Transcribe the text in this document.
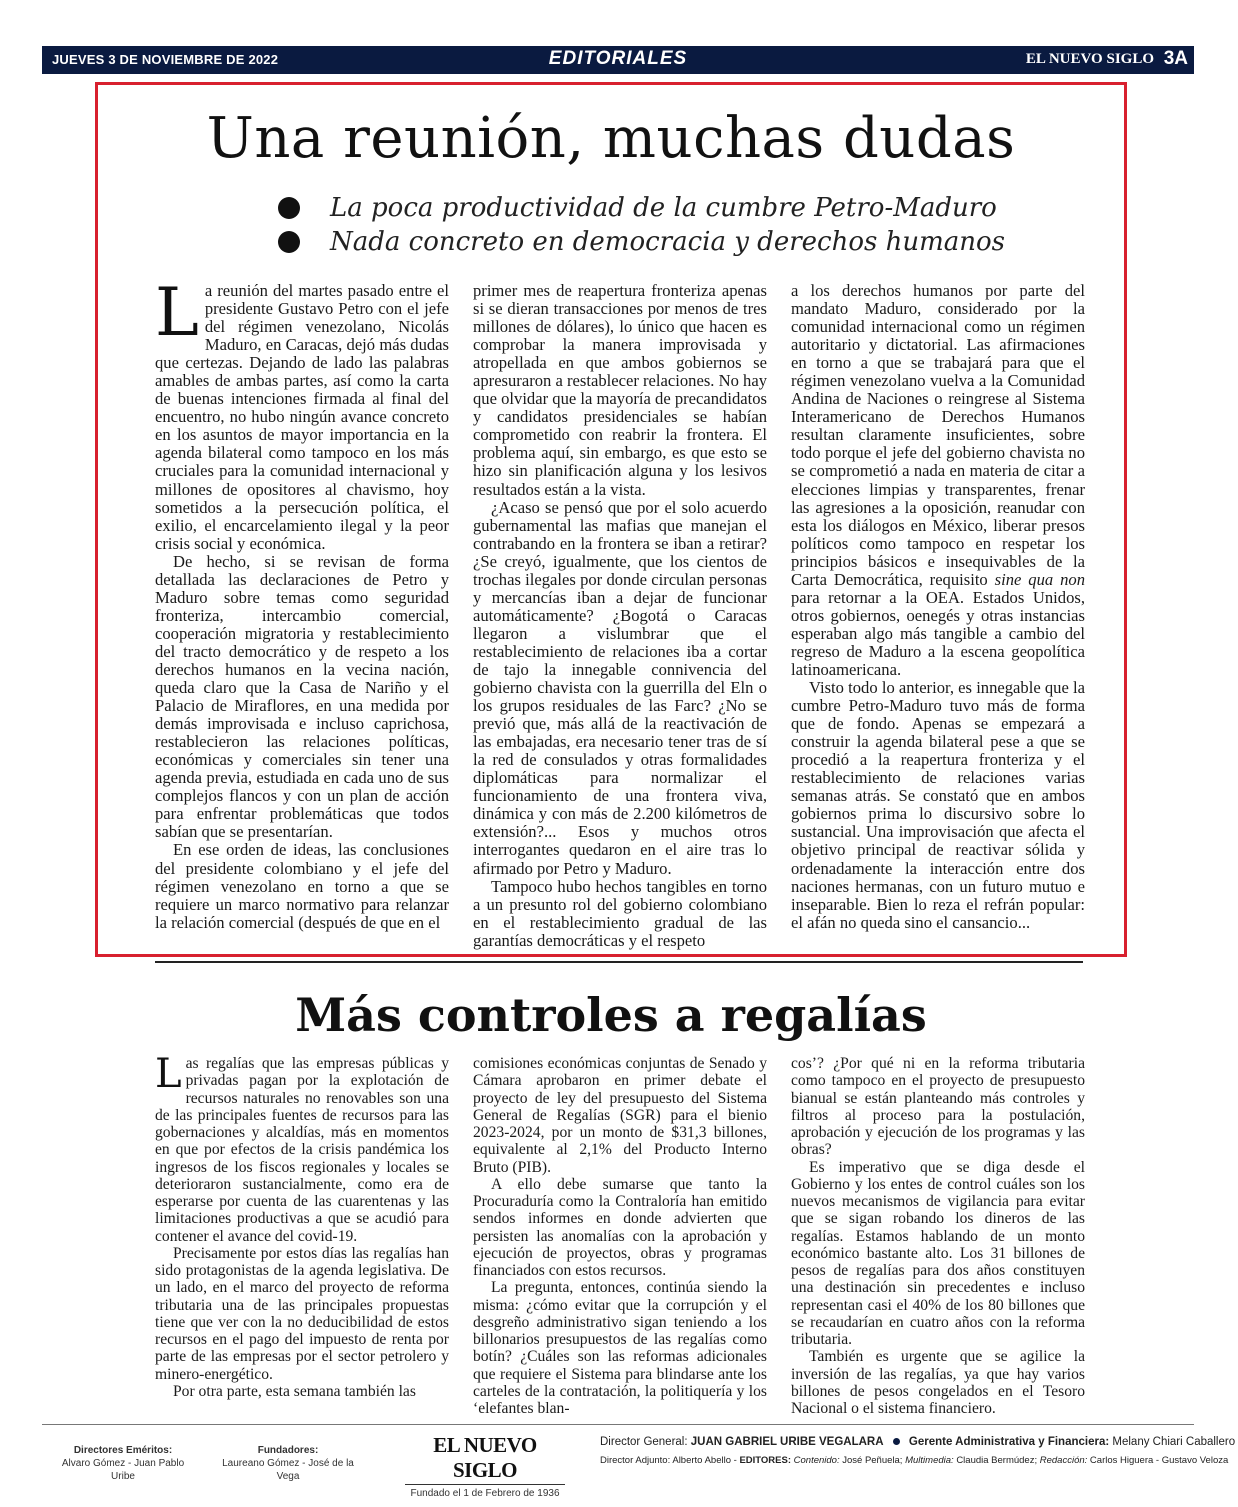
JUEVES 3 DE NOVIEMBRE DE 2022	EDITORIALES	EL NUEVO SIGLO 3A
Una reunión, muchas dudas
La poca productividad de la cumbre Petro-Maduro
Nada concreto en democracia y derechos humanos

La reunión del martes pasado entre el presidente Gustavo Petro con el jefe del régimen venezolano, Nicolás Maduro, en Caracas, dejó más dudas que certezas. Dejando de lado las palabras amables de ambas partes, así como la carta de buenas intenciones firmada al final del encuentro, no hubo ningún avance concreto en los asuntos de mayor importancia en la agenda bilateral como tampoco en los más cruciales para la comunidad internacional y millones de opositores al chavismo, hoy sometidos a la persecución política, el exilio, el encarcelamiento ilegal y la peor crisis social y económica.

De hecho, si se revisan de forma detallada las declaraciones de Petro y Maduro sobre temas como seguridad fronteriza, intercambio comercial, cooperación migratoria y restablecimiento del tracto democrático y de respeto a los derechos humanos en la vecina nación, queda claro que la Casa de Nariño y el Palacio de Miraflores, en una medida por demás improvisada e incluso caprichosa, restablecieron las relaciones políticas, económicas y comerciales sin tener una agenda previa, estudiada en cada uno de sus complejos flancos y con un plan de acción para enfrentar problemáticas que todos sabían que se presentarían.

En ese orden de ideas, las conclusiones del presidente colombiano y el jefe del régimen venezolano en torno a que se requiere un marco normativo para relanzar la relación comercial (después de que en el

primer mes de reapertura fronteriza apenas si se dieran transacciones por menos de tres millones de dólares), lo único que hacen es comprobar la manera improvisada y atropellada en que ambos gobiernos se apresuraron a restablecer relaciones. No hay que olvidar que la mayoría de precandidatos y candidatos presidenciales se habían comprometido con reabrir la frontera. El problema aquí, sin embargo, es que esto se hizo sin planificación alguna y los lesivos resultados están a la vista.

¿Acaso se pensó que por el solo acuerdo gubernamental las mafias que manejan el contrabando en la frontera se iban a retirar? ¿Se creyó, igualmente, que los cientos de trochas ilegales por donde circulan personas y mercancías iban a dejar de funcionar automáticamente? ¿Bogotá o Caracas llegaron a vislumbrar que el restablecimiento de relaciones iba a cortar de tajo la innegable connivencia del gobierno chavista con la guerrilla del Eln o los grupos residuales de las Farc? ¿No se previó que, más allá de la reactivación de las embajadas, era necesario tener tras de sí la red de consulados y otras formalidades diplomáticas para normalizar el funcionamiento de una frontera viva, dinámica y con más de 2.200 kilómetros de extensión?... Esos y muchos otros interrogantes quedaron en el aire tras lo afirmado por Petro y Maduro.

Tampoco hubo hechos tangibles en torno a un presunto rol del gobierno colombiano en el restablecimiento gradual de las garantías democráticas y el respeto

a los derechos humanos por parte del mandato Maduro, considerado por la comunidad internacional como un régimen autoritario y dictatorial. Las afirmaciones en torno a que se trabajará para que el régimen venezolano vuelva a la Comunidad Andina de Naciones o reingrese al Sistema Interamericano de Derechos Humanos resultan claramente insuficientes, sobre todo porque el jefe del gobierno chavista no se comprometió a nada en materia de citar a elecciones limpias y transparentes, frenar las agresiones a la oposición, reanudar con esta los diálogos en México, liberar presos políticos como tampoco en respetar los principios básicos e insequivables de la Carta Democrática, requisito sine qua non para retornar a la OEA. Estados Unidos, otros gobiernos, oenegés y otras instancias esperaban algo más tangible a cambio del regreso de Maduro a la escena geopolítica latinoamericana.

Visto todo lo anterior, es innegable que la cumbre Petro-Maduro tuvo más de forma que de fondo. Apenas se empezará a construir la agenda bilateral pese a que se procedió a la reapertura fronteriza y el restablecimiento de relaciones varias semanas atrás. Se constató que en ambos gobiernos prima lo discursivo sobre lo sustancial. Una improvisación que afecta el objetivo principal de reactivar sólida y ordenadamente la interacción entre dos naciones hermanas, con un futuro mutuo e inseparable. Bien lo reza el refrán popular: el afán no queda sino el cansancio...

Más controles a regalías

Las regalías que las empresas públicas y privadas pagan por la explotación de recursos naturales no renovables son una de las principales fuentes de recursos para las gobernaciones y alcaldías, más en momentos en que por efectos de la crisis pandémica los ingresos de los fiscos regionales y locales se deterioraron sustancialmente, como era de esperarse por cuenta de las cuarentenas y las limitaciones productivas a que se acudió para contener el avance del covid-19.

Precisamente por estos días las regalías han sido protagonistas de la agenda legislativa. De un lado, en el marco del proyecto de reforma tributaria una de las principales propuestas tiene que ver con la no deducibilidad de estos recursos en el pago del impuesto de renta por parte de las empresas por el sector petrolero y minero-energético.

Por otra parte, esta semana también las

comisiones económicas conjuntas de Senado y Cámara aprobaron en primer debate el proyecto de ley del presupuesto del Sistema General de Regalías (SGR) para el bienio 2023-2024, por un monto de $31,3 billones, equivalente al 2,1% del Producto Interno Bruto (PIB).

A ello debe sumarse que tanto la Procuraduría como la Contraloría han emitido sendos informes en donde advierten que persisten las anomalías con la aprobación y ejecución de proyectos, obras y programas financiados con estos recursos.

La pregunta, entonces, continúa siendo la misma: ¿cómo evitar que la corrupción y el desgreño administrativo sigan teniendo a los billonarios presupuestos de las regalías como botín? ¿Cuáles son las reformas adicionales que requiere el Sistema para blindarse ante los carteles de la contratación, la politiquería y los ‘elefantes blan-

cos’? ¿Por qué ni en la reforma tributaria como tampoco en el proyecto de presupuesto bianual se están planteando más controles y filtros al proceso para la postulación, aprobación y ejecución de los programas y las obras?

Es imperativo que se diga desde el Gobierno y los entes de control cuáles son los nuevos mecanismos de vigilancia para evitar que se sigan robando los dineros de las regalías. Estamos hablando de un monto económico bastante alto. Los 31 billones de pesos de regalías para dos años constituyen una destinación sin precedentes e incluso representan casi el 40% de los 80 billones que se recaudarían en cuatro años con la reforma tributaria.

También es urgente que se agilice la inversión de las regalías, ya que hay varios billones de pesos congelados en el Tesoro Nacional o el sistema financiero.

Directores Eméritos:
Alvaro Gómez - Juan Pablo Uribe
Fundadores:
Laureano Gómez - José de la Vega
EL NUEVO SIGLO
Fundado el 1 de Febrero de 1936
Director General: JUAN GABRIEL URIBE VEGALARA Gerente Administrativa y Financiera: Melany Chiari Caballero
Director Adjunto: Alberto Abello - EDITORES: Contenido: José Peñuela; Multimedia: Claudia Bermúdez; Redacción: Carlos Higuera - Gustavo Veloza
